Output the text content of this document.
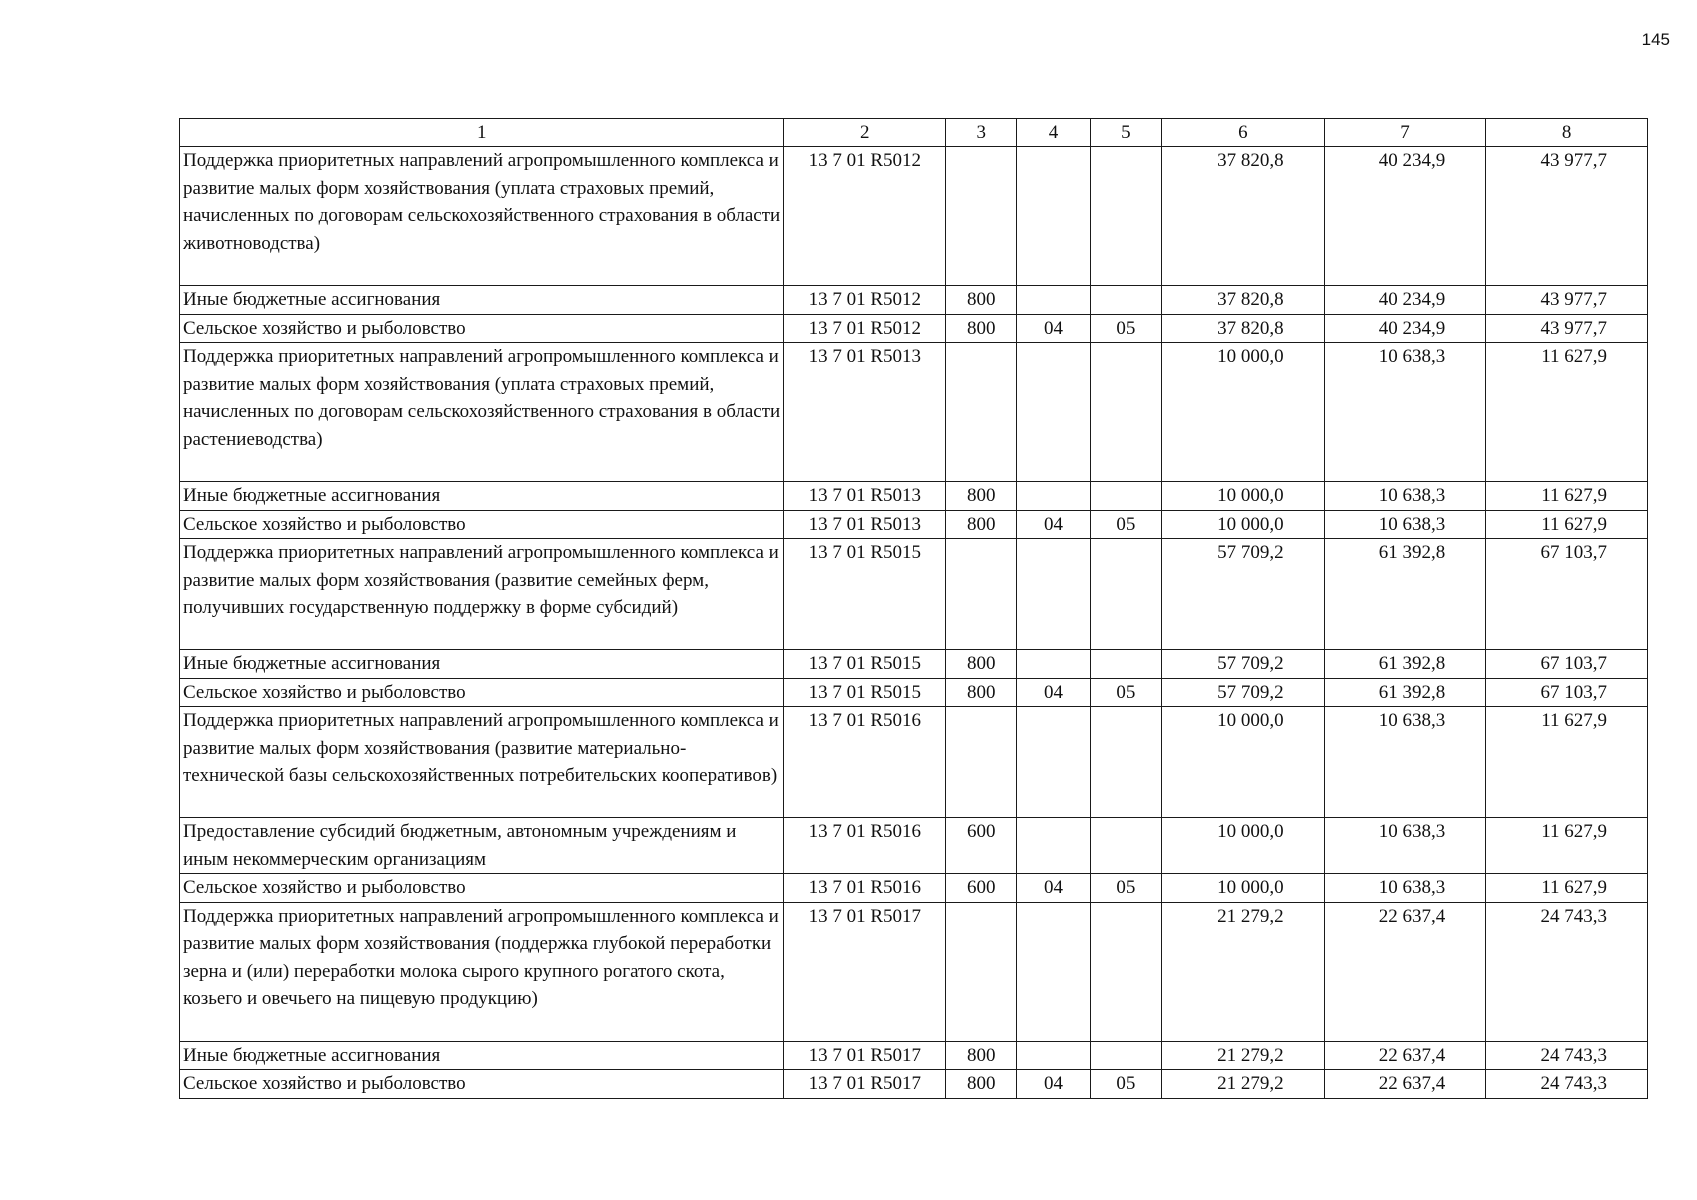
145
1	2	3	4	5	6	7	8
Поддержка приоритетных направлений агропромышленного комплекса и развитие малых форм хозяйствования (уплата страховых премий, начисленных по договорам сельскохозяйственного страхования в области животноводства)	13 7 01 R5012				37 820,8	40 234,9	43 977,7
Иные бюджетные ассигнования	13 7 01 R5012	800			37 820,8	40 234,9	43 977,7
Сельское хозяйство и рыболовство	13 7 01 R5012	800	04	05	37 820,8	40 234,9	43 977,7
Поддержка приоритетных направлений агропромышленного комплекса и развитие малых форм хозяйствования (уплата страховых премий, начисленных по договорам сельскохозяйственного страхования в области растениеводства)	13 7 01 R5013				10 000,0	10 638,3	11 627,9
Иные бюджетные ассигнования	13 7 01 R5013	800			10 000,0	10 638,3	11 627,9
Сельское хозяйство и рыболовство	13 7 01 R5013	800	04	05	10 000,0	10 638,3	11 627,9
Поддержка приоритетных направлений агропромышленного комплекса и развитие малых форм хозяйствования (развитие семейных ферм, получивших государственную поддержку в форме субсидий)	13 7 01 R5015				57 709,2	61 392,8	67 103,7
Иные бюджетные ассигнования	13 7 01 R5015	800			57 709,2	61 392,8	67 103,7
Сельское хозяйство и рыболовство	13 7 01 R5015	800	04	05	57 709,2	61 392,8	67 103,7
Поддержка приоритетных направлений агропромышленного комплекса и развитие малых форм хозяйствования (развитие материально-технической базы сельскохозяйственных потребительских кооперативов)	13 7 01 R5016				10 000,0	10 638,3	11 627,9
Предоставление субсидий бюджетным, автономным учреждениям и иным некоммерческим организациям	13 7 01 R5016	600			10 000,0	10 638,3	11 627,9
Сельское хозяйство и рыболовство	13 7 01 R5016	600	04	05	10 000,0	10 638,3	11 627,9
Поддержка приоритетных направлений агропромышленного комплекса и развитие малых форм хозяйствования (поддержка глубокой переработки зерна и (или) переработки молока сырого крупного рогатого скота, козьего и овечьего на пищевую продукцию)	13 7 01 R5017				21 279,2	22 637,4	24 743,3
Иные бюджетные ассигнования	13 7 01 R5017	800			21 279,2	22 637,4	24 743,3
Сельское хозяйство и рыболовство	13 7 01 R5017	800	04	05	21 279,2	22 637,4	24 743,3
